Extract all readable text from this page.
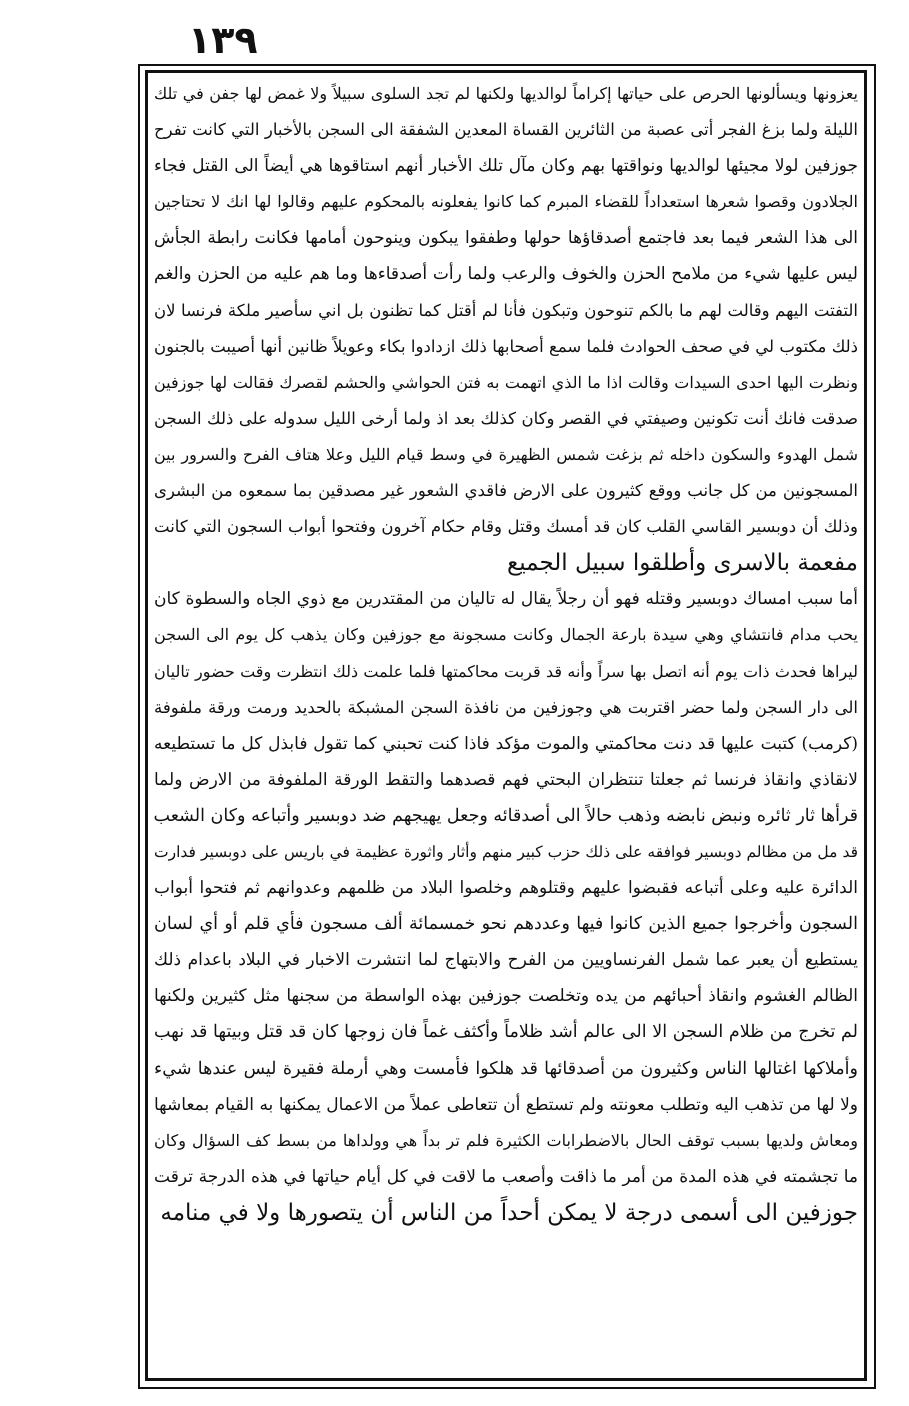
١٣٩
يعزونها ويسألونها الحرص على حياتها إكراماً لوالديها ولكنها لم تجد السلوى سبيلاً ولا غمض لها جفن في تلك
الليلة ولما بزغ الفجر أتى عصبة من الثائرين القساة المعدين الشفقة الى السجن بالأخبار التي كانت تفرح
جوزفين لولا مجيئها لوالديها ونواقتها بهم وكان مآل تلك الأخبار أنهم استاقوها هي أيضاً الى القتل فجاء
الجلادون وقصوا شعرها استعداداً للقضاء المبرم كما كانوا يفعلونه بالمحكوم عليهم وقالوا لها انك لا تحتاجين
الى هذا الشعر فيما بعد فاجتمع أصدقاؤها حولها وطفقوا يبكون وينوحون أمامها فكانت رابطة الجأش
ليس عليها شيء من ملامح الحزن والخوف والرعب ولما رأت أصدقاءها وما هم عليه من الحزن والغم
التفتت اليهم وقالت لهم ما بالكم تنوحون وتبكون فأنا لم أقتل كما تظنون بل اني سأصير ملكة فرنسا لان
ذلك مكتوب لي في صحف الحوادث فلما سمع أصحابها ذلك ازدادوا بكاء وعويلاً ظانين أنها أصيبت بالجنون
ونظرت اليها احدى السيدات وقالت اذا ما الذي اتهمت به فتن الحواشي والحشم لقصرك فقالت لها جوزفين
صدقت فانك أنت تكونين وصيفتي في القصر وكان كذلك بعد اذ ولما أرخى الليل سدوله على ذلك السجن
شمل الهدوء والسكون داخله ثم بزغت شمس الظهيرة في وسط قيام الليل وعلا هتاف الفرح والسرور بين
المسجونين من كل جانب ووقع كثيرون على الارض فاقدي الشعور غير مصدقين بما سمعوه من البشرى
وذلك أن دوبسير القاسي القلب كان قد أمسك وقتل وقام حكام آخرون وفتحوا أبواب السجون التي كانت
مفعمة بالاسرى وأطلقوا سبيل الجميع
أما سبب امساك دوبسير وقتله فهو أن رجلاً يقال له تاليان من المقتدرين مع ذوي الجاه والسطوة كان
يحب مدام فانتشاي وهي سيدة بارعة الجمال وكانت مسجونة مع جوزفين وكان يذهب كل يوم الى السجن
ليراها فحدث ذات يوم أنه اتصل بها سراً وأنه قد قربت محاكمتها فلما علمت ذلك انتظرت وقت حضور تاليان
الى دار السجن ولما حضر اقتربت هي وجوزفين من نافذة السجن المشبكة بالحديد ورمت ورقة ملفوفة
(كرمب) كتبت عليها قد دنت محاكمتي والموت مؤكد فاذا كنت تحبني كما تقول فابذل كل ما تستطيعه
لانقاذي وانقاذ فرنسا ثم جعلتا تنتظران البحتي فهم قصدهما والتقط الورقة الملفوفة من الارض ولما
قرأها ثار ثائره ونبض نابضه وذهب حالاً الى أصدقائه وجعل يهيجهم ضد دوبسير وأتباعه وكان الشعب
قد مل من مظالم دوبسير فوافقه على ذلك حزب كبير منهم وأثار واثورة عظيمة في باريس على دوبسير فدارت
الدائرة عليه وعلى أتباعه فقبضوا عليهم وقتلوهم وخلصوا البلاد من ظلمهم وعدوانهم ثم فتحوا أبواب
السجون وأخرجوا جميع الذين كانوا فيها وعددهم نحو خمسمائة ألف مسجون فأي قلم أو أي لسان
يستطيع أن يعبر عما شمل الفرنساويين من الفرح والابتهاج لما انتشرت الاخبار في البلاد باعدام ذلك
الظالم الغشوم وانقاذ أحبائهم من يده وتخلصت جوزفين بهذه الواسطة من سجنها مثل كثيرين ولكنها
لم تخرج من ظلام السجن الا الى عالم أشد ظلاماً وأكثف غماً فان زوجها كان قد قتل وبيتها قد نهب
وأملاكها اغتالها الناس وكثيرون من أصدقائها قد هلكوا فأمست وهي أرملة فقيرة ليس عندها شيء
ولا لها من تذهب اليه وتطلب معونته ولم تستطع أن تتعاطى عملاً من الاعمال يمكنها به القيام بمعاشها
ومعاش ولديها بسبب توقف الحال بالاضطرابات الكثيرة فلم تر بداً هي وولداها من بسط كف السؤال وكان
ما تجشمته في هذه المدة من أمر ما ذاقت وأصعب ما لاقت في كل أيام حياتها في هذه الدرجة ترقت
جوزفين الى أسمى درجة لا يمكن أحداً من الناس أن يتصورها ولا في منامه
